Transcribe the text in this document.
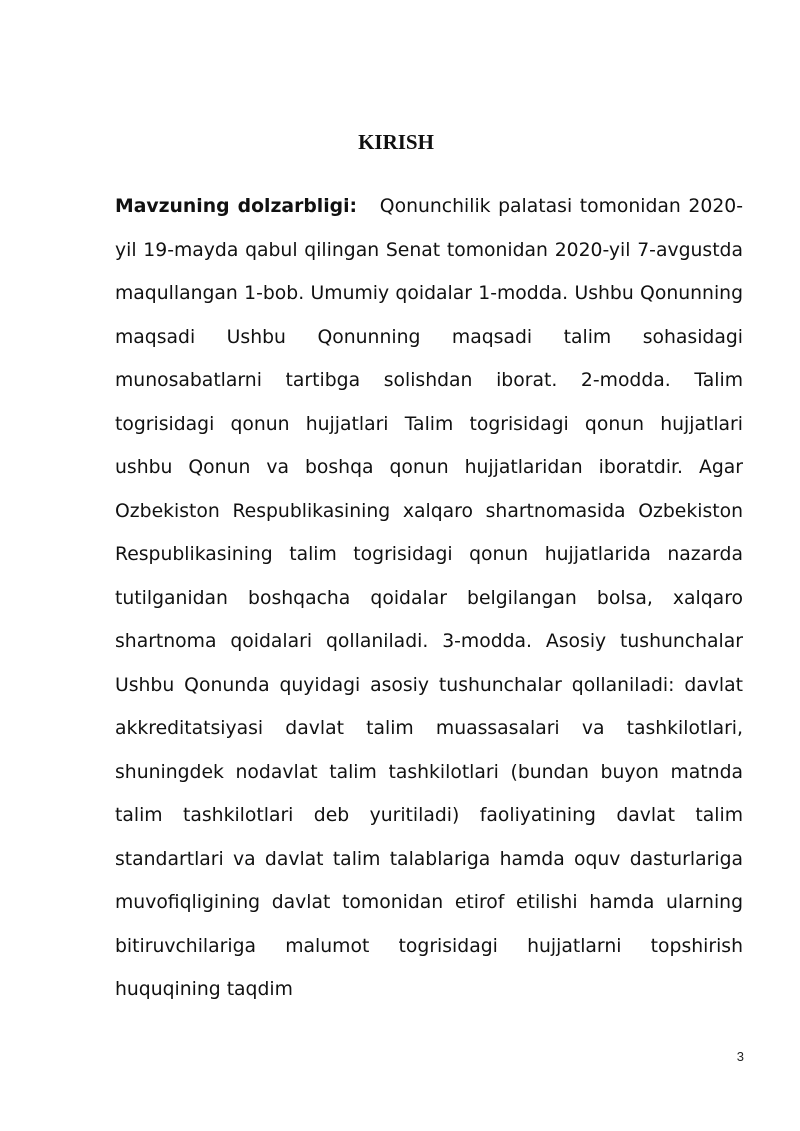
KIRISH

Mavzuning dolzarbligi: Qonunchilik palatasi tomonidan 2020-yil 19-mayda qabul qilingan Senat tomonidan 2020-yil 7-avgustda maqullangan 1-bob. Umumiy qoidalar 1-modda. Ushbu Qonunning maqsadi Ushbu Qonunning maqsadi talim sohasidagi munosabatlarni tartibga solishdan iborat. 2-modda. Talim togrisidagi qonun hujjatlari Talim togrisidagi qonun hujjatlari ushbu Qonun va boshqa qonun hujjatlaridan iboratdir. Agar Ozbekiston Respublikasining xalqaro shartnomasida Ozbekiston Respublikasining talim togrisidagi qonun hujjatlarida nazarda tutilganidan boshqacha qoidalar belgilangan bolsa, xalqaro shartnoma qoidalari qollaniladi. 3-modda. Asosiy tushunchalar Ushbu Qonunda quyidagi asosiy tushunchalar qollaniladi: davlat akkreditatsiyasi davlat talim muassasalari va tashkilotlari, shuningdek nodavlat talim tashkilotlari (bundan buyon matnda talim tashkilotlari deb yuritiladi) faoliyatining davlat talim standartlari va davlat talim talablariga hamda oquv dasturlariga muvofiqligining davlat tomonidan etirof etilishi hamda ularning bitiruvchilariga malumot togrisidagi hujjatlarni topshirish huquqining taqdim

3
